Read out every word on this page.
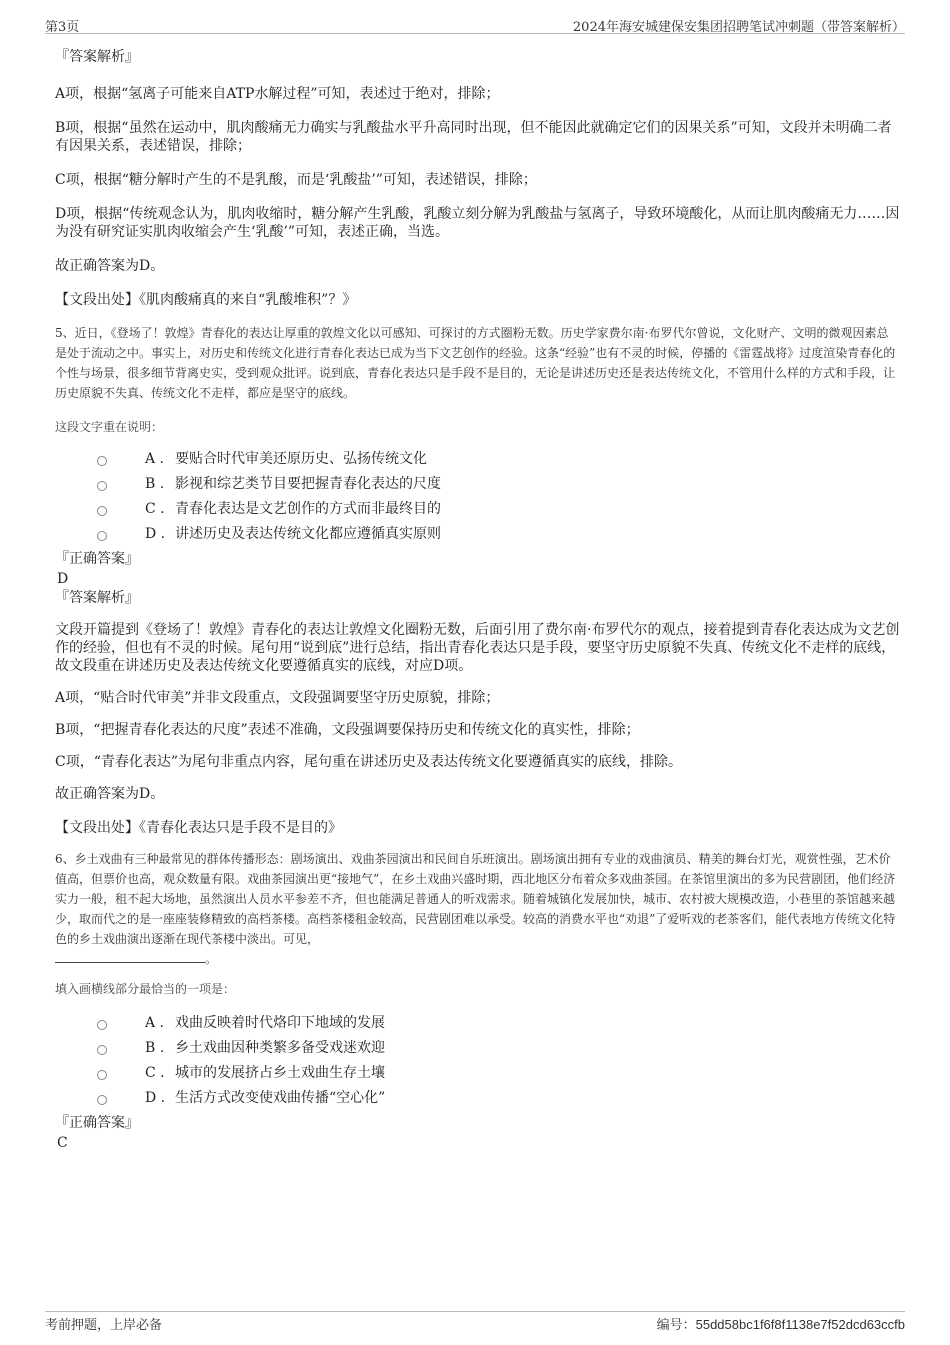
第3页	2024年海安城建保安集团招聘笔试冲刺题（带答案解析）
『答案解析』
A项，根据“氢离子可能来自ATP水解过程”可知，表述过于绝对，排除；
B项，根据“虽然在运动中，肌肉酸痛无力确实与乳酸盐水平升高同时出现，但不能因此就确定它们的因果关系”可知，文段并未明确二者有因果关系，表述错误，排除；
C项，根据“糖分解时产生的不是乳酸，而是‘乳酸盐’”可知，表述错误，排除；
D项，根据“传统观念认为，肌肉收缩时，糖分解产生乳酸，乳酸立刻分解为乳酸盐与氢离子，导致环境酸化，从而让肌肉酸痛无力……因为没有研究证实肌肉收缩会产生‘乳酸’”可知，表述正确，当选。
故正确答案为D。
【文段出处】《肌肉酸痛真的来自“乳酸堆积”？》
5、近日，《登场了！敦煌》青春化的表达让厚重的敦煌文化以可感知、可探讨的方式圈粉无数。历史学家费尔南·布罗代尔曾说，文化财产、文明的微观因素总是处于流动之中。事实上，对历史和传统文化进行青春化表达已成为当下文艺创作的经验。这条“经验”也有不灵的时候，停播的《雷霆战将》过度渲染青春化的个性与场景，很多细节背离史实，受到观众批评。说到底，青春化表达只是手段不是目的，无论是讲述历史还是表达传统文化，不管用什么样的方式和手段，让历史原貌不失真、传统文化不走样，都应是坚守的底线。
这段文字重在说明：
A . 要贴合时代审美还原历史、弘扬传统文化
B . 影视和综艺类节目要把握青春化表达的尺度
C . 青春化表达是文艺创作的方式而非最终目的
D . 讲述历史及表达传统文化都应遵循真实原则
『正确答案』
D
『答案解析』
文段开篇提到《登场了！敦煌》青春化的表达让敦煌文化圈粉无数，后面引用了费尔南·布罗代尔的观点，接着提到青春化表达成为文艺创作的经验，但也有不灵的时候。尾句用“说到底”进行总结，指出青春化表达只是手段，要坚守历史原貌不失真、传统文化不走样的底线，故文段重在讲述历史及表达传统文化要遵循真实的底线，对应D项。
A项，“贴合时代审美”并非文段重点，文段强调要坚守历史原貌，排除；
B项，“把握青春化表达的尺度”表述不准确，文段强调要保持历史和传统文化的真实性，排除；
C项，“青春化表达”为尾句非重点内容，尾句重在讲述历史及表达传统文化要遵循真实的底线，排除。
故正确答案为D。
【文段出处】《青春化表达只是手段不是目的》
6、乡土戏曲有三种最常见的群体传播形态：剧场演出、戏曲茶园演出和民间自乐班演出。剧场演出拥有专业的戏曲演员、精美的舞台灯光，观赏性强，艺术价值高，但票价也高，观众数量有限。戏曲茶园演出更“接地气”，在乡土戏曲兴盛时期，西北地区分布着众多戏曲茶园。在茶馆里演出的多为民营剧团，他们经济实力一般，租不起大场地，虽然演出人员水平参差不齐，但也能满足普通人的听戏需求。随着城镇化发展加快，城市、农村被大规模改造，小巷里的茶馆越来越少，取而代之的是一座座装修精致的高档茶楼。高档茶楼租金较高，民营剧团难以承受。较高的消费水平也“劝退”了爱听戏的老茶客们，能代表地方传统文化特色的乡土戏曲演出逐渐在现代茶楼中淡出。可见，
。
填入画横线部分最恰当的一项是：
A . 戏曲反映着时代烙印下地域的发展
B . 乡土戏曲因种类繁多备受戏迷欢迎
C . 城市的发展挤占乡土戏曲生存土壤
D . 生活方式改变使戏曲传播“空心化”
『正确答案』
C
考前押题，上岸必备	编号：55dd58bc1f6f8f1138e7f52dcd63ccfb
